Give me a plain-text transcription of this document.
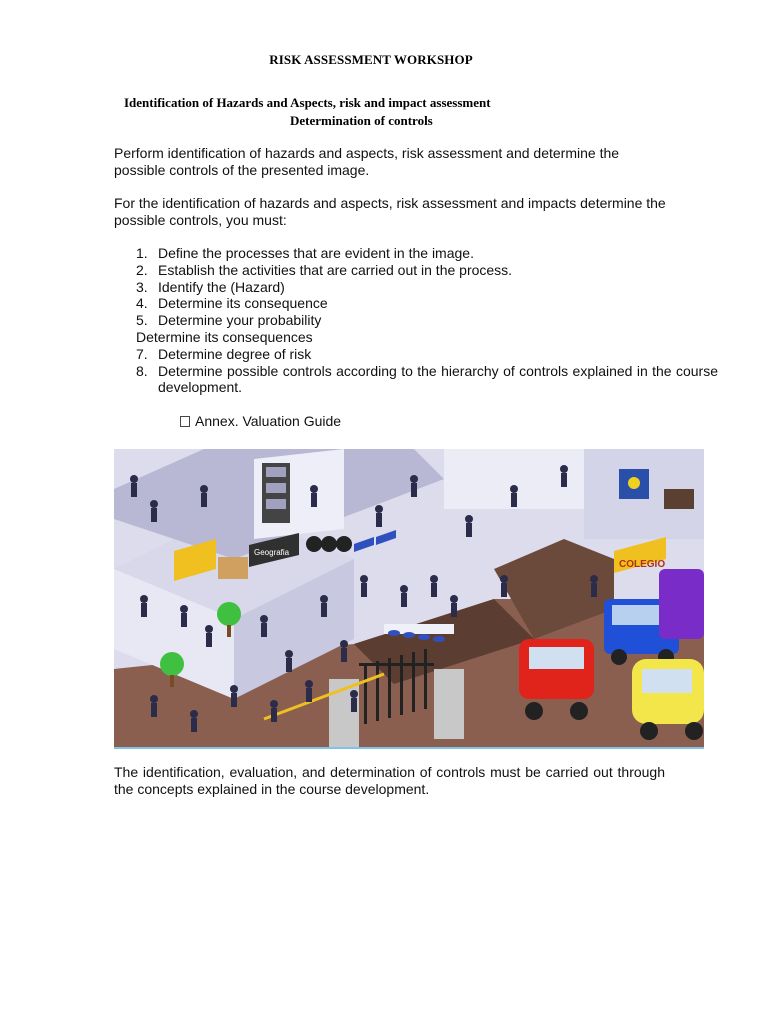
RISK ASSESSMENT WORKSHOP
Identification of Hazards and Aspects, risk and impact assessment
Determination of controls
Perform identification of hazards and aspects, risk assessment and determine the possible controls of the presented image.
For the identification of hazards and aspects, risk assessment and impacts determine the possible controls, you must:
1. Define the processes that are evident in the image.
2. Establish the activities that are carried out in the process.
3. Identify the (Hazard)
4. Determine its consequence
5. Determine your probability
Determine its consequences
7. Determine degree of risk
8. Determine possible controls according to the hierarchy of controls explained in the course development.
Annex. Valuation Guide
Geografia
COLEGIO
The identification, evaluation, and determination of controls must be carried out through the concepts explained in the course development.
